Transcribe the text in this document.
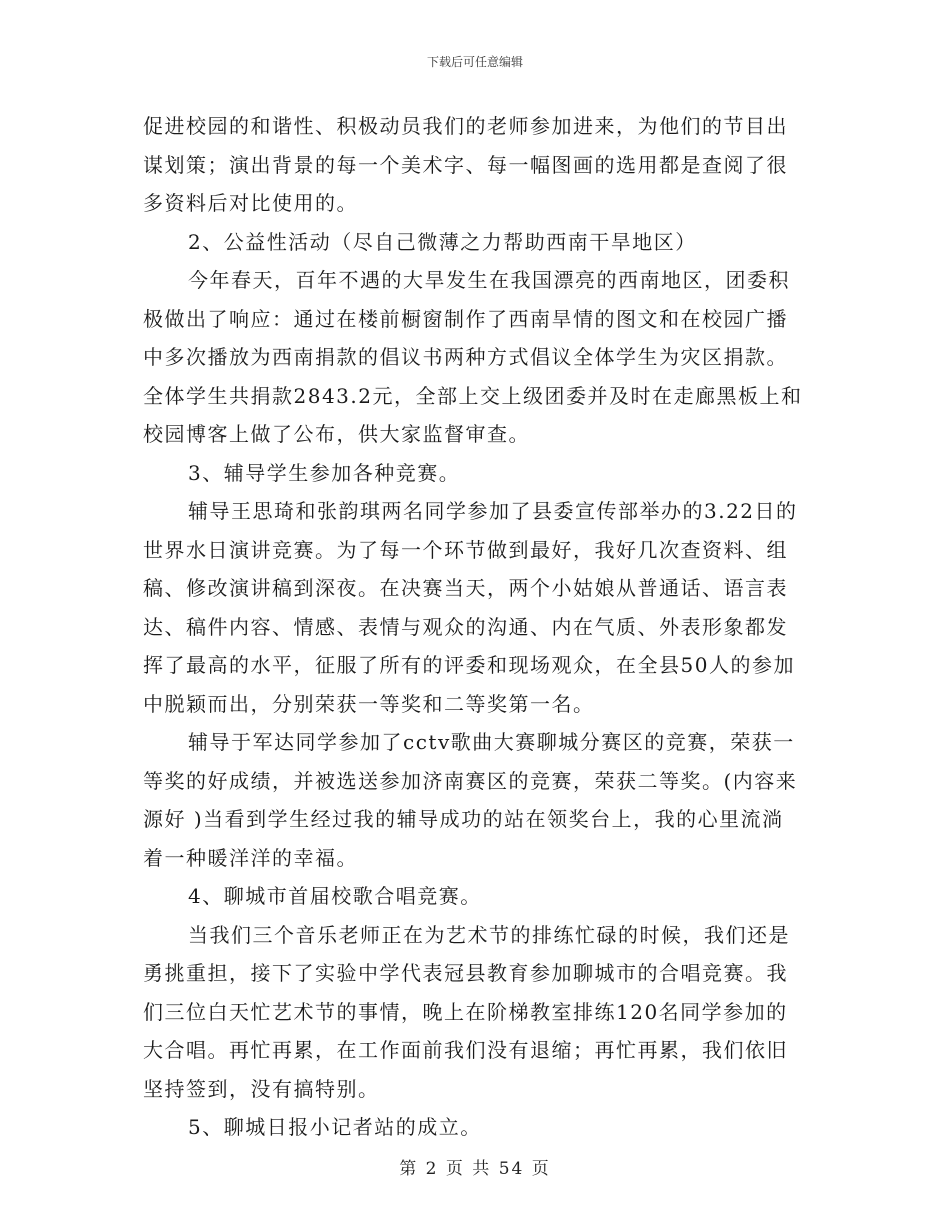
下载后可任意编辑
促进校园的和谐性、积极动员我们的老师参加进来，为他们的节目出
谋划策；演出背景的每一个美术字、每一幅图画的选用都是查阅了很
多资料后对比使用的。
2、公益性活动（尽自己微薄之力帮助西南干旱地区）
今年春天，百年不遇的大旱发生在我国漂亮的西南地区，团委积
极做出了响应：通过在楼前橱窗制作了西南旱情的图文和在校园广播
中多次播放为西南捐款的倡议书两种方式倡议全体学生为灾区捐款。
全体学生共捐款2843.2元，全部上交上级团委并及时在走廊黑板上和
校园博客上做了公布，供大家监督审查。
3、辅导学生参加各种竞赛。
辅导王思琦和张韵琪两名同学参加了县委宣传部举办的3.22日的
世界水日演讲竞赛。为了每一个环节做到最好，我好几次查资料、组
稿、修改演讲稿到深夜。在决赛当天，两个小姑娘从普通话、语言表
达、稿件内容、情感、表情与观众的沟通、内在气质、外表形象都发
挥了最高的水平，征服了所有的评委和现场观众，在全县50人的参加
中脱颖而出，分别荣获一等奖和二等奖第一名。
辅导于军达同学参加了cctv歌曲大赛聊城分赛区的竞赛，荣获一
等奖的好成绩，并被选送参加济南赛区的竞赛，荣获二等奖。(内容来
源好 )当看到学生经过我的辅导成功的站在领奖台上，我的心里流淌
着一种暖洋洋的幸福。
4、聊城市首届校歌合唱竞赛。
当我们三个音乐老师正在为艺术节的排练忙碌的时候，我们还是
勇挑重担，接下了实验中学代表冠县教育参加聊城市的合唱竞赛。我
们三位白天忙艺术节的事情，晚上在阶梯教室排练120名同学参加的
大合唱。再忙再累，在工作面前我们没有退缩；再忙再累，我们依旧
坚持签到，没有搞特别。
5、聊城日报小记者站的成立。
第 2 页 共 54 页
